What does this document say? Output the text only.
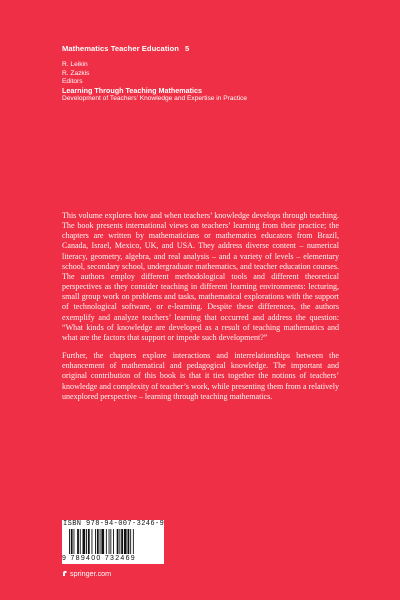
Mathematics Teacher Education 5
R. Leikin
R. Zazkis
Editors
Learning Through Teaching Mathematics
Development of Teachers’ Knowledge and Expertise in Practice

This volume explores how and when teachers’ knowledge develops through teaching. The book presents international views on teachers’ learning from their practice; the chapters are written by mathematicians or mathematics educators from Brazil, Canada, Israel, Mexico, UK, and USA. They address diverse content – numerical literacy, geometry, algebra, and real analysis – and a variety of levels – elementary school, secondary school, undergraduate mathematics, and teacher education courses. The authors employ different methodological tools and different theoretical perspectives as they consider teaching in different learning environments: lecturing, small group work on problems and tasks, mathematical explorations with the support of technological software, or e-learning. Despite these differences, the authors exemplify and analyze teachers’ learning that occurred and address the question: “What kinds of knowledge are developed as a result of teaching mathematics and what are the factors that support or impede such development?”

Further, the chapters explore interactions and interrelationships between the enhancement of mathematical and pedagogical knowledge. The important and original contribution of this book is that it ties together the notions of teachers’ knowledge and complexity of teacher’s work, while presenting them from a relatively unexplored perspective – learning through teaching mathematics.

ISBN 978-94-007-3246-9
9 789400 732469
springer.com
